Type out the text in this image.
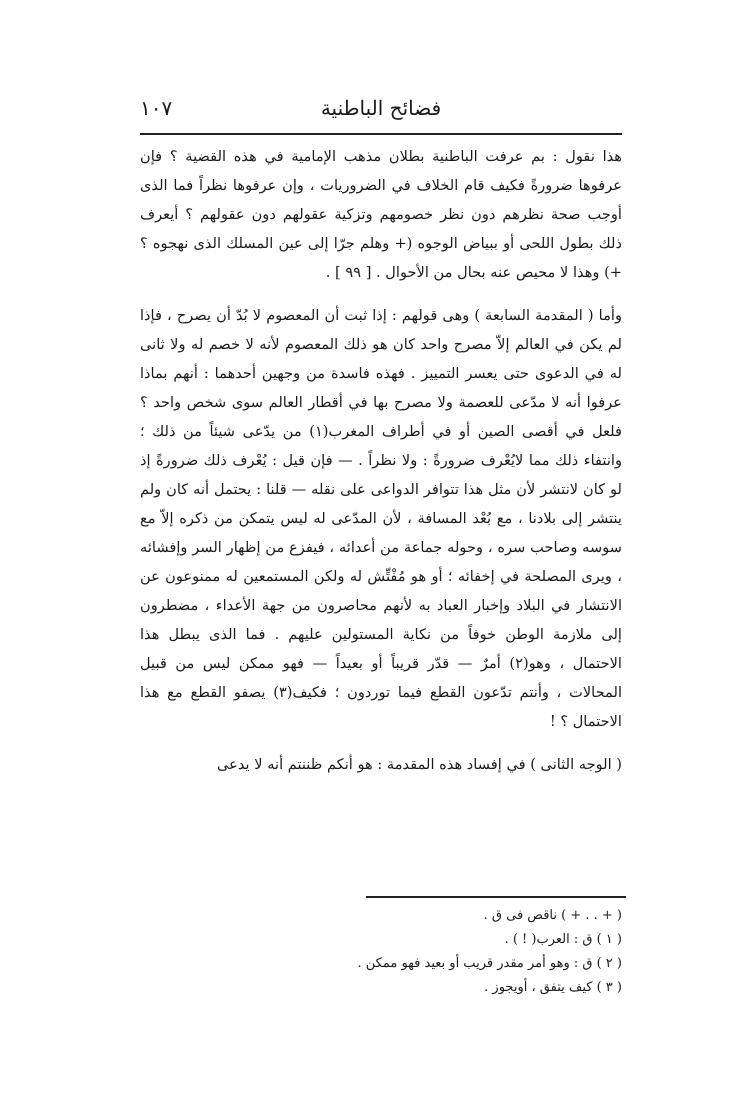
فضائح الباطنية
١٠٧

هذا نقول : بم عرفت الباطنية بطلان مذهب الإمامية في هذه القضية ؟ فإن عرفوها ضرورةً فكيف قام الخلاف في الضروريات ، وإن عرفوها نظراً فما الذى أوجب صحة نظرهم دون نظر خصومهم وتزكية عقولهم دون عقولهم ؟ أيعرف ذلك بطول اللحى أو ببياض الوجوه (+ وهلم جرّا إلى عين المسلك الذى نهجوه ؟ +) وهذا لا محيص عنه بحال من الأحوال . [ ٩٩ ] .

وأما ( المقدمة السابعة ) وهى قولهم : إذا ثبت أن المعصوم لا بُدّ أن يصرح ، فإذا لم يكن في العالم إلاّ مصرح واحد كان هو ذلك المعصوم لأنه لا خصم له ولا ثانى له في الدعوى حتى يعسر التمييز . فهذه فاسدة من وجهين أحدهما : أنهم بماذا عرفوا أنه لا مدّعى للعصمة ولا مصرح بها في أقطار العالم سوى شخص واحد ؟ فلعل في أقصى الصين أو في أطراف المغرب(١) من يدّعى شيئاً من ذلك ؛ وانتفاء ذلك مما لايُعْرف ضرورةً : ولا نظراً . — فإن قيل : يُعْرف ذلك ضرورةً إذ لو كان لانتشر لأن مثل هذا تتوافر الدواعى على نقله — قلنا : يحتمل أنه كان ولم ينتشر إلى بلادنا ، مع بُعْد المسافة ، لأن المدّعى له ليس يتمكن من ذكره إلاّ مع سوسه وصاحب سره ، وحوله جماعة من أعدائه ، فيفزع من إظهار السر وإفشائه ، ويرى المصلحة في إخفائه ؛ أو هو مُفْتِّش له ولكن المستمعين له ممنوعون عن الانتشار في البلاد وإخبار العباد به لأنهم محاصرون من جهة الأعداء ، مضطرون إلى ملازمة الوطن خوفاً من نكاية المستولين عليهم . فما الذى يبطل هذا الاحتمال ، وهو(٢) أمرٌ — قدّر قريباً أو بعيداً — فهو ممكن ليس من قبيل المحالات ، وأنتم تدّعون القطع فيما توردون ؛ فكيف(٣) يصفو القطع مع هذا الاحتمال ؟ !

( الوجه الثانى ) في إفساد هذه المقدمة : هو أنكم ظننتم أنه لا يدعى

( + . . + ) ناقص فى ق .

( ١ ) ق : العرب( ! ) .

( ٢ ) ق : وهو أمر مقدر قريب أو بعيد فهو ممكن .

( ٣ ) كيف يتفق ، أويجوز .
